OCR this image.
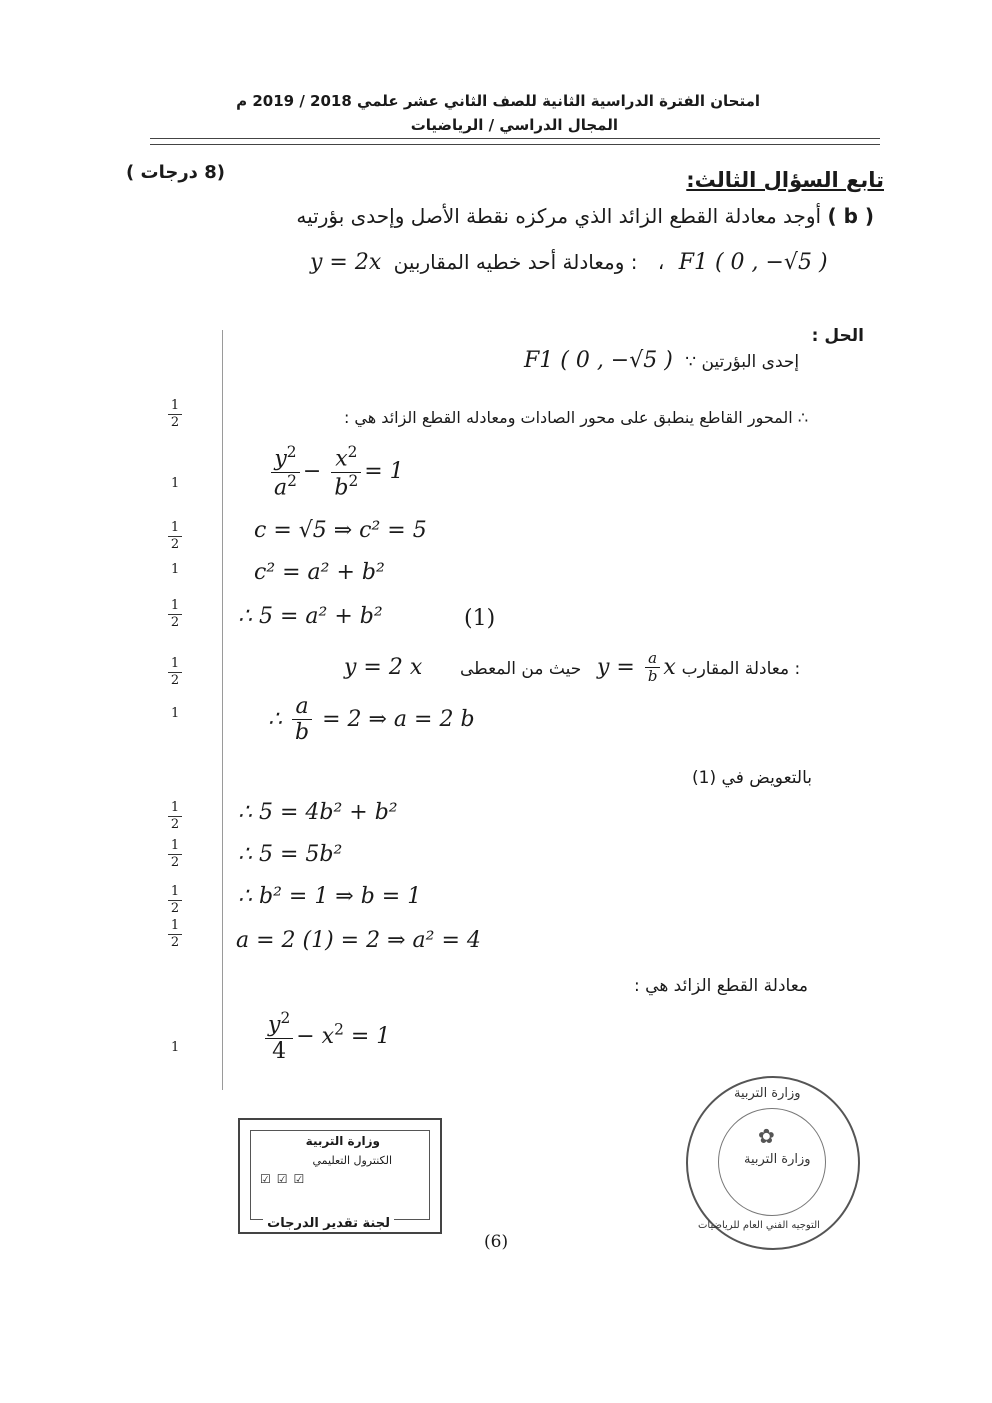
امتحان الفترة الدراسية الثانية للصف الثاني عشر علمي 2018 / 2019 م
المجال الدراسي / الرياضيات
تابع السؤال الثالث:
(8 درجات )
( b ) أوجد معادلة القطع الزائد الذي مركزه نقطة الأصل وإحدى بؤرتيه
y = 2x ومعادلة أحد خطيه المقاربين : ، F1 ( 0 , −√5 )
الحل :
F1 ( 0 , −√5 ) ∵ إحدى البؤرتين
∴ المحور القاطع ينطبق على محور الصادات ومعادله القطع الزائد هي :
$\frac{y^2}{a^2} - \frac{x^2}{b^2} = 1$
c = √5 ⇒ c² = 5
c² = a² + b²
∴ 5 = a² + b²	(1)
y = 2 x حيث من المعطى $y = \frac{a}{b}$ x معادلة المقارب :
∴ $\frac{a}{b} = 2$ ⇒ a = 2 b
بالتعويض في (1)
∴ 5 = 4b² + b²
∴ 5 = 5b²
∴ b² = 1 ⇒ b = 1
a = 2 (1) = 2 ⇒ a² = 4
معادلة القطع الزائد هي :
$\frac{y^2}{4} - x^2 = 1$
$\frac{1}{2}$
1
$\frac{1}{2}$
1
$\frac{1}{2}$
$\frac{1}{2}$
1
$\frac{1}{2}$
$\frac{1}{2}$
$\frac{1}{2}$
$\frac{1}{2}$
1
وزارة التربية
الكنترول التعليمي
☑☑☑
لجنة تقدير الدرجات
وزارة التربية
وزارة التربية
التوجيه الفني العام للرياضيات
✿
(6)
